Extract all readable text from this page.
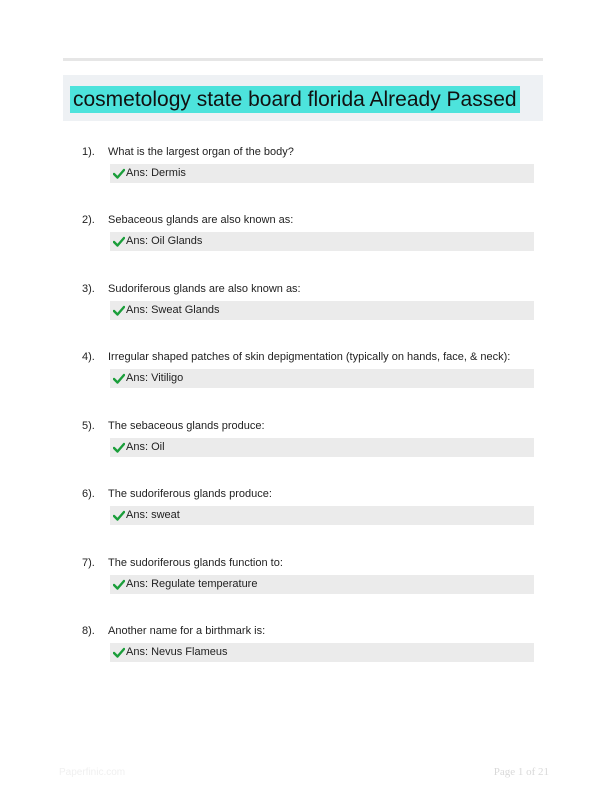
cosmetology state board florida Already Passed
1). What is the largest organ of the body?
Ans: Dermis
2). Sebaceous glands are also known as:
Ans: Oil Glands
3). Sudoriferous glands are also known as:
Ans: Sweat Glands
4). Irregular shaped patches of skin depigmentation (typically on hands, face, & neck):
Ans: Vitiligo
5). The sebaceous glands produce:
Ans: Oil
6). The sudoriferous glands produce:
Ans: sweat
7). The sudoriferous glands function to:
Ans: Regulate temperature
8). Another name for a birthmark is:
Ans: Nevus Flameus
Paperfinic.com	Page 1 of 21
